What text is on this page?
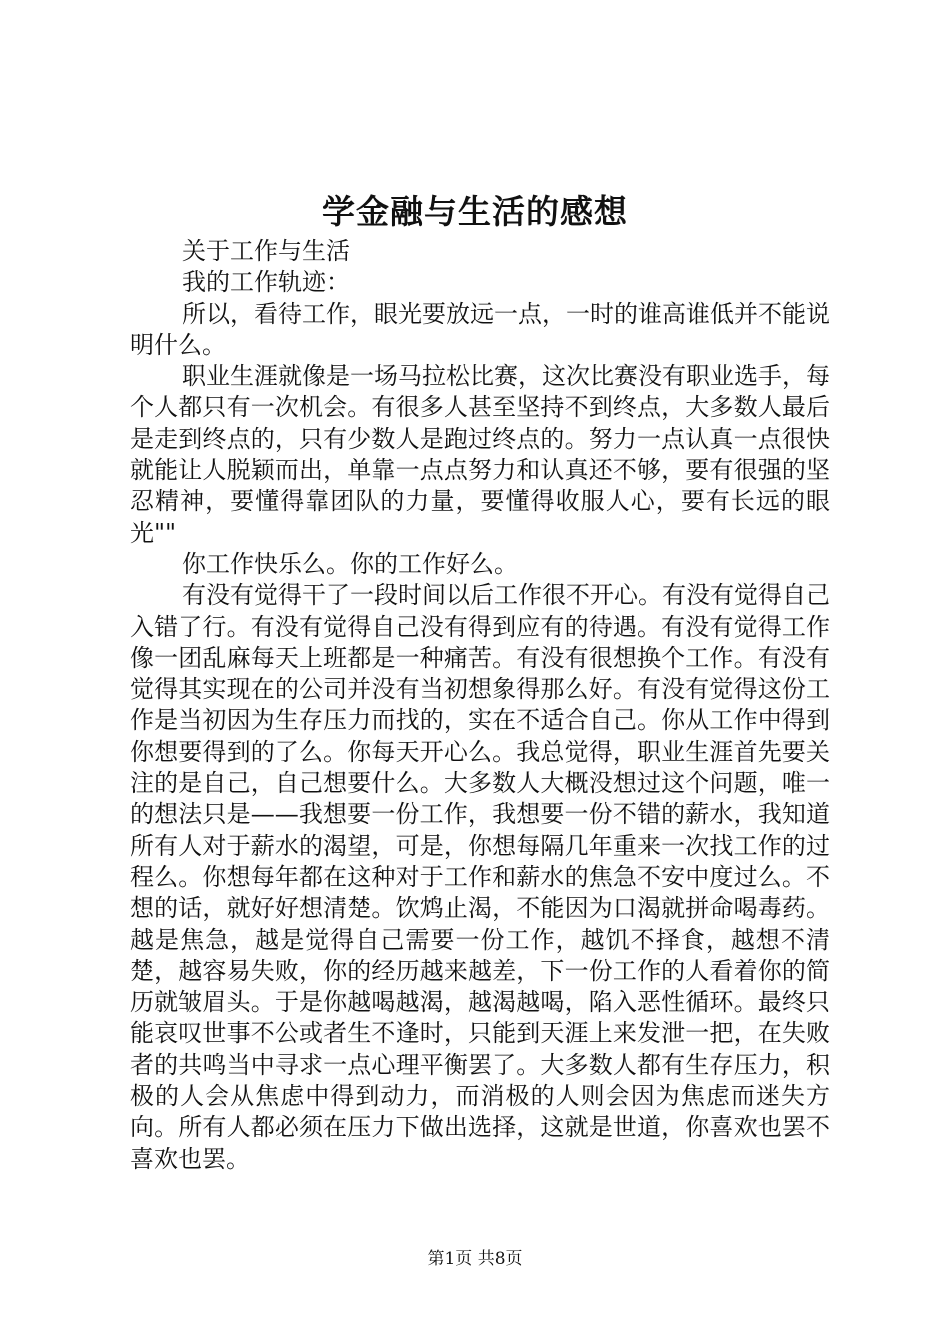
学金融与生活的感想

关于工作与生活

我的工作轨迹：

所以，看待工作，眼光要放远一点，一时的谁高谁低并不能说明什么。

职业生涯就像是一场马拉松比赛，这次比赛没有职业选手，每个人都只有一次机会。有很多人甚至坚持不到终点，大多数人最后是走到终点的，只有少数人是跑过终点的。努力一点认真一点很快就能让人脱颖而出，单靠一点点努力和认真还不够，要有很强的坚忍精神，要懂得靠团队的力量，要懂得收服人心，要有长远的眼光""

你工作快乐么。你的工作好么。

有没有觉得干了一段时间以后工作很不开心。有没有觉得自己入错了行。有没有觉得自己没有得到应有的待遇。有没有觉得工作像一团乱麻每天上班都是一种痛苦。有没有很想换个工作。有没有觉得其实现在的公司并没有当初想象得那么好。有没有觉得这份工作是当初因为生存压力而找的，实在不适合自己。你从工作中得到你想要得到的了么。你每天开心么。我总觉得，职业生涯首先要关注的是自己，自己想要什么。大多数人大概没想过这个问题，唯一的想法只是——我想要一份工作，我想要一份不错的薪水，我知道所有人对于薪水的渴望，可是，你想每隔几年重来一次找工作的过程么。你想每年都在这种对于工作和薪水的焦急不安中度过么。不想的话，就好好想清楚。饮鸩止渴，不能因为口渴就拼命喝毒药。越是焦急，越是觉得自己需要一份工作，越饥不择食，越想不清楚，越容易失败，你的经历越来越差，下一份工作的人看着你的简历就皱眉头。于是你越喝越渴，越渴越喝，陷入恶性循环。最终只能哀叹世事不公或者生不逢时，只能到天涯上来发泄一把，在失败者的共鸣当中寻求一点心理平衡罢了。大多数人都有生存压力，积极的人会从焦虑中得到动力，而消极的人则会因为焦虑而迷失方向。所有人都必须在压力下做出选择，这就是世道，你喜欢也罢不喜欢也罢。

第1页 共8页
